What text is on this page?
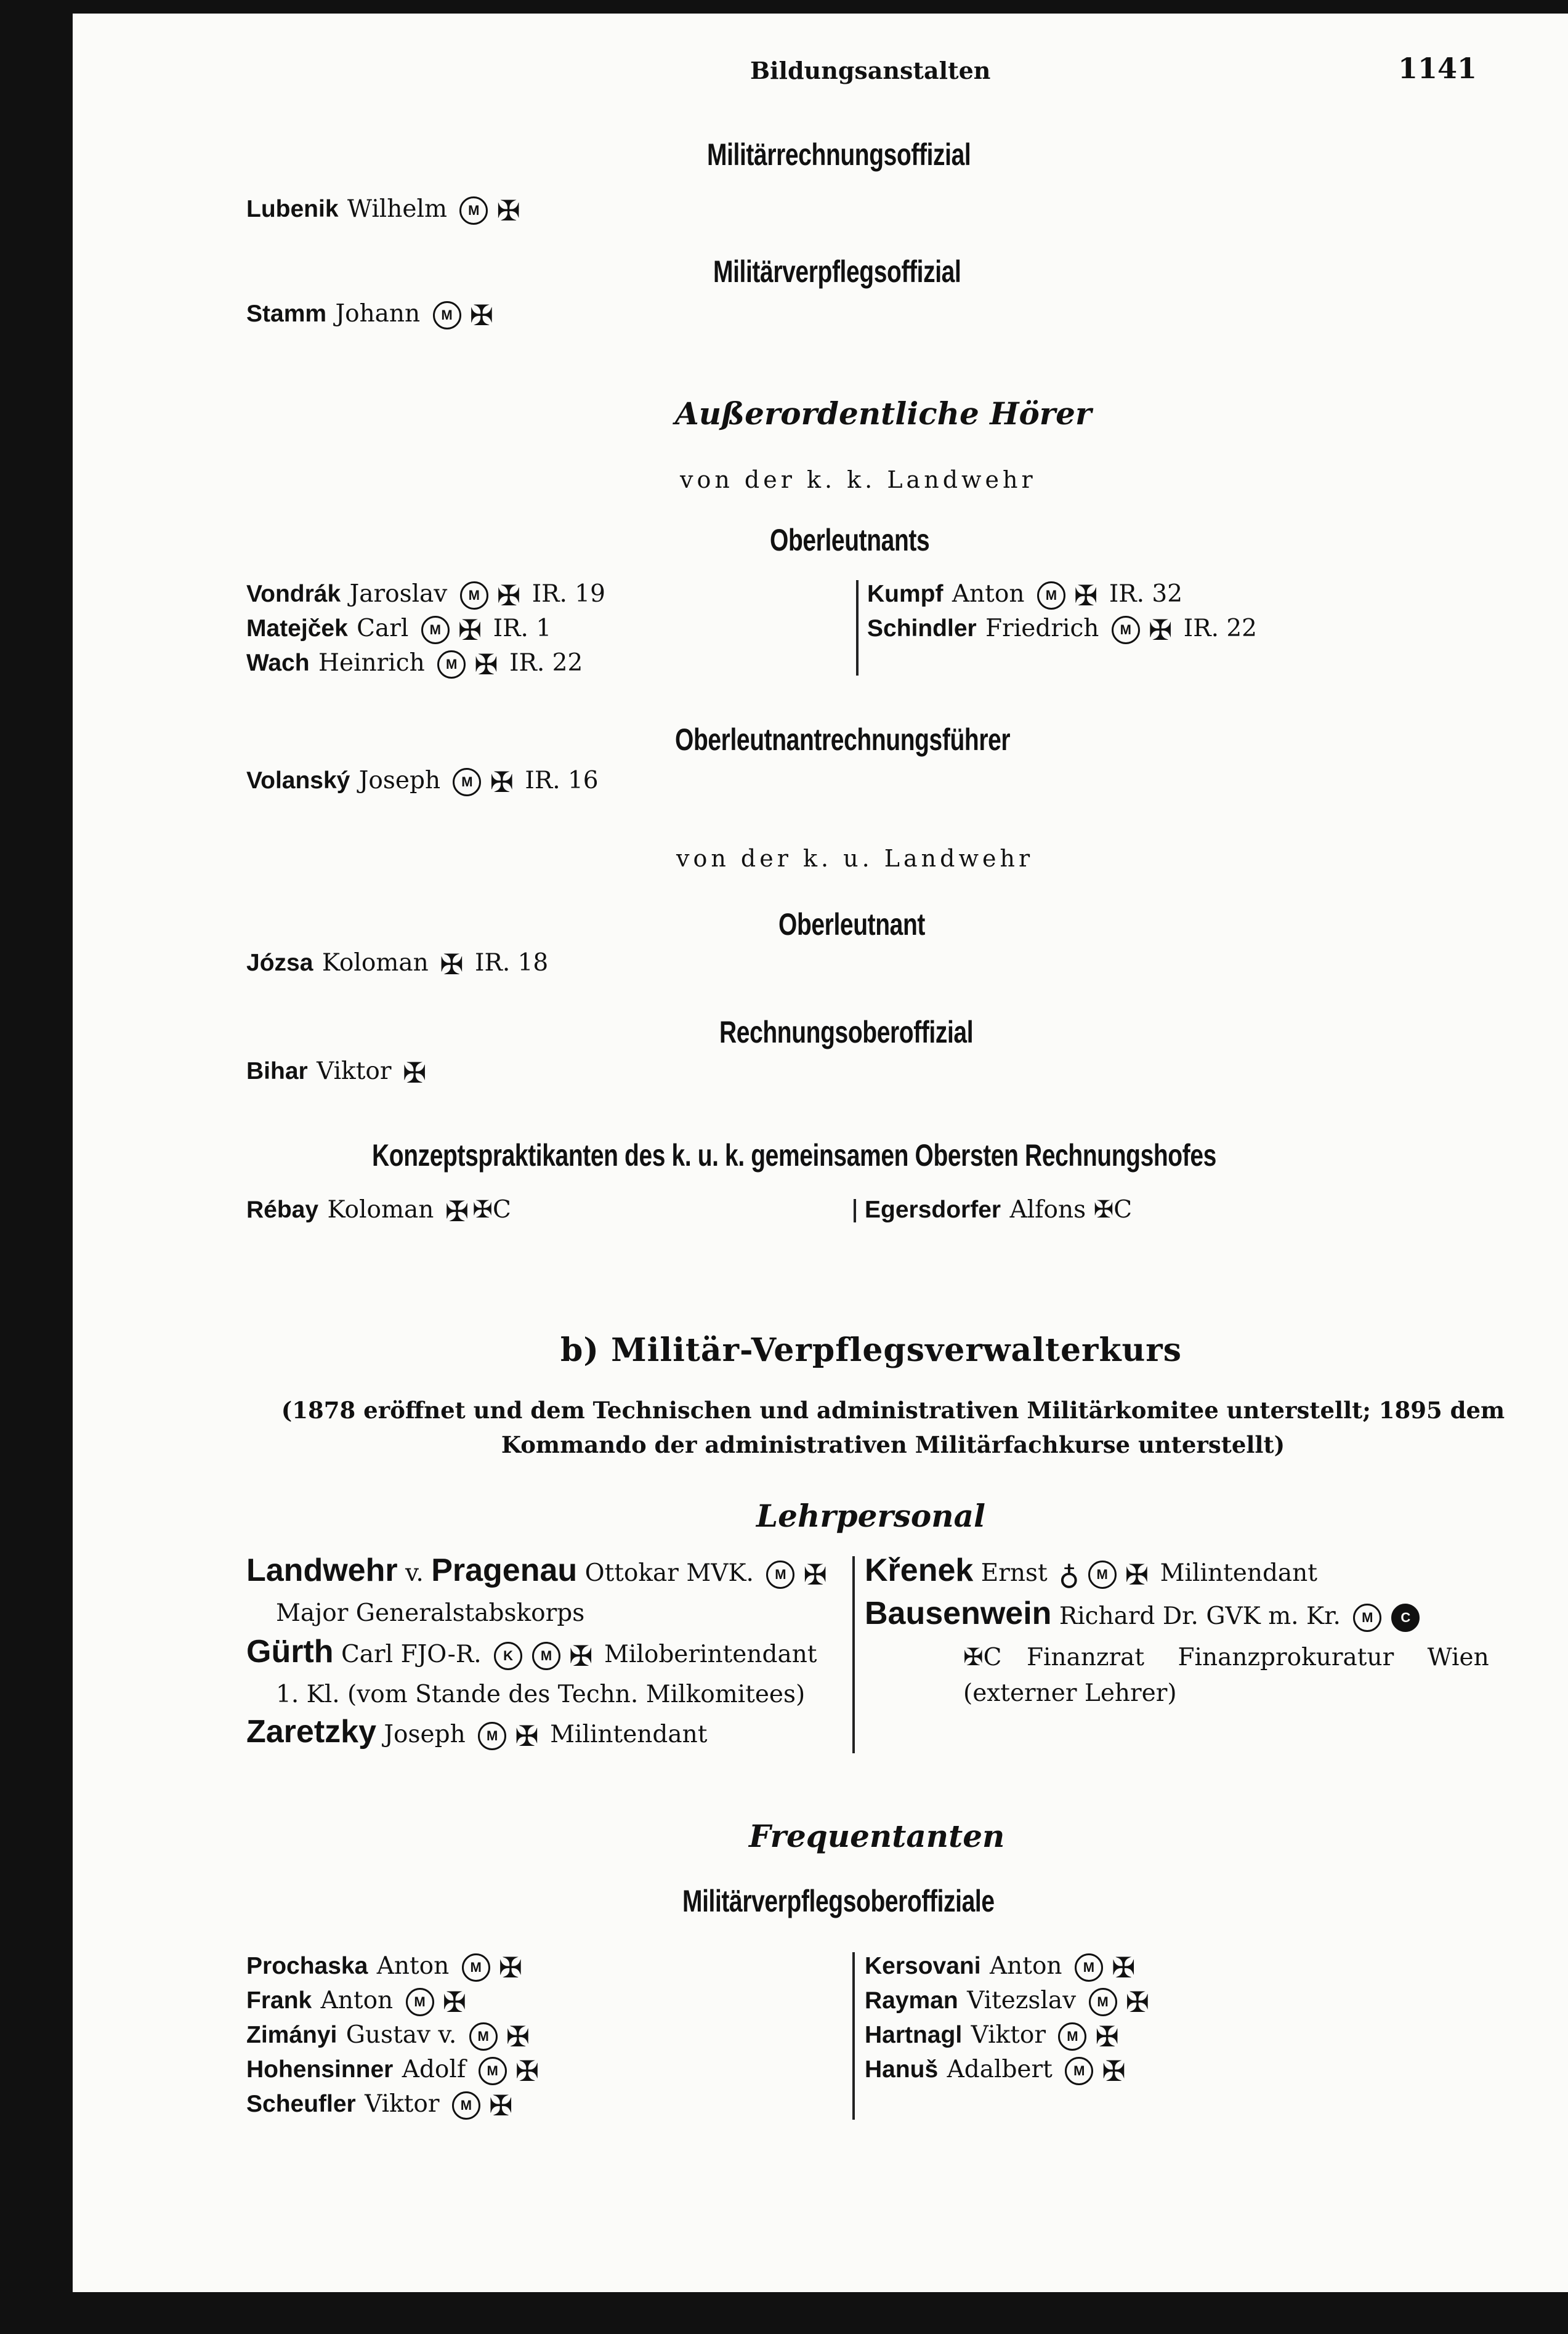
Bildungsanstalten	1141
Militärrechnungsoffizial
Lubenik Wilhelm M ✠
Militärverpflegsoffizial
Stamm Johann M ✠
Außerordentliche Hörer
von der k. k. Landwehr
Oberleutnants
Vondrák Jaroslav M ✠ IR. 19
Matejček Carl M ✠ IR. 1
Wach Heinrich M ✠ IR. 22
Kumpf Anton M ✠ IR. 32
Schindler Friedrich M ✠ IR. 22
Oberleutnantrechnungsführer
Volanský Joseph M ✠ IR. 16
von der k. u. Landwehr
Oberleutnant
Józsa Koloman ✠ IR. 18
Rechnungsoberoffizial
Bihar Viktor ✠
Konzeptspraktikanten des k. u. k. gemeinsamen Obersten Rechnungshofes
Rébay Koloman ✠ ✠C	Egersdorfer Alfons ✠C
b) Militär-Verpflegsverwalterkurs
(1878 eröffnet und dem Technischen und administrativen Militärkomitee unterstellt; 1895 dem
Kommando der administrativen Militärfachkurse unterstellt)
Lehrpersonal
Landwehr v. Pragenau Ottokar MVK. M ✠
Major Generalstabskorps
Gürth Carl FJO-R. K M ✠ Miloberintendant
1. Kl. (vom Stande des Techn. Milkomitees)
Zaretzky Joseph M ✠ Milintendant
Křenek Ernst ♁ M ✠ Milintendant
Bausenwein Richard Dr. GVK m. Kr. M C
✠C Finanzrat Finanzprokuratur Wien
(externer Lehrer)
Frequentanten
Militärverpflegsoberoffiziale
Prochaska Anton M ✠
Frank Anton M ✠
Zimányi Gustav v. M ✠
Hohensinner Adolf M ✠
Scheufler Viktor M ✠
Kersovani Anton M ✠
Rayman Vitezslav M ✠
Hartnagl Viktor M ✠
Hanuš Adalbert M ✠
